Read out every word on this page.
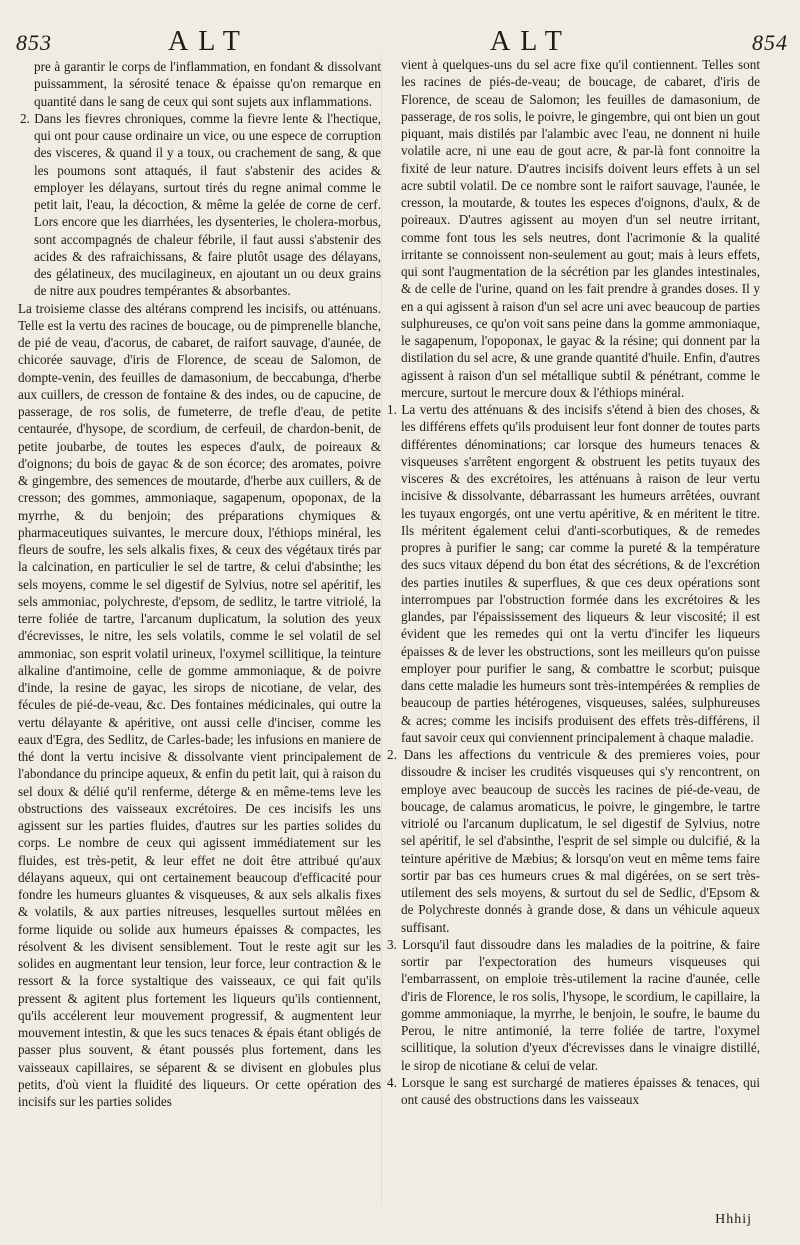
853	ALT	ALT	854

pre à garantir le corps de l'inflammation, en fondant & dissolvant puissamment, la sérosité tenace & épaisse qu'on remarque en quantité dans le sang de ceux qui sont sujets aux inflammations.

2. Dans les fievres chroniques, comme la fievre lente & l'hectique, qui ont pour cause ordinaire un vice, ou une espece de corruption des visceres, & quand il y a toux, ou crachement de sang, & que les poumons sont attaqués, il faut s'abstenir des acides & employer les délayans, surtout tirés du regne animal comme le petit lait, l'eau, la décoction, & même la gelée de corne de cerf. Lors encore que les diarrhées, les dysenteries, le cholera-morbus, sont accompagnés de chaleur fébrile, il faut aussi s'abstenir des acides & des rafraichissans, & faire plutôt usage des délayans, des gélatineux, des mucilagineux, en ajoutant un ou deux grains de nitre aux poudres tempérantes & absorbantes.

La troisieme classe des altérans comprend les incisifs, ou atténuans. Telle est la vertu des racines de boucage, ou de pimprenelle blanche, de pié de veau, d'acorus, de cabaret, de raifort sauvage, d'aunée, de chicorée sauvage, d'iris de Florence, de sceau de Salomon, de dompte-venin, des feuilles de damasonium, de beccabunga, d'herbe aux cuillers, de cresson de fontaine & des indes, ou de capucine, de passerage, de ros solis, de fumeterre, de trefle d'eau, de petite centaurée, d'hysope, de scordium, de cerfeuil, de chardon-benit, de petite joubarbe, de toutes les especes d'aulx, de poireaux & d'oignons; du bois de gayac & de son écorce; des aromates, poivre & gingembre, des semences de moutarde, d'herbe aux cuillers, & de cresson; des gommes, ammoniaque, sagapenum, opoponax, de la myrrhe, & du benjoin; des préparations chymiques & pharmaceutiques suivantes, le mercure doux, l'éthiops minéral, les fleurs de soufre, les sels alkalis fixes, & ceux des végétaux tirés par la calcination, en particulier le sel de tartre, & celui d'absinthe; les sels moyens, comme le sel digestif de Sylvius, notre sel apéritif, les sels ammoniac, polychreste, d'epsom, de sedlitz, le tartre vitriolé, la terre foliée de tartre, l'arcanum duplicatum, la solution des yeux d'écrevisses, le nitre, les sels volatils, comme le sel volatil de sel ammoniac, son esprit volatil urineux, l'oxymel scillitique, la teinture alkaline d'antimoine, celle de gomme ammoniaque, & de poivre d'inde, la resine de gayac, les sirops de nicotiane, de velar, des fécules de pié-de-veau, &c. Des fontaines médicinales, qui outre la vertu délayante & apéritive, ont aussi celle d'inciser, comme les eaux d'Egra, des Sedlitz, de Carles-bade; les infusions en maniere de thé dont la vertu incisive & dissolvante vient principalement de l'abondance du principe aqueux, & enfin du petit lait, qui à raison du sel doux & délié qu'il renferme, déterge & en même-tems leve les obstructions des vaisseaux excrétoires. De ces incisifs les uns agissent sur les parties fluides, d'autres sur les parties solides du corps. Le nombre de ceux qui agissent immédiatement sur les fluides, est très-petit, & leur effet ne doit être attribué qu'aux délayans aqueux, qui ont certainement beaucoup d'efficacité pour fondre les humeurs gluantes & visqueuses, & aux sels alkalis fixes & volatils, & aux parties nitreuses, lesquelles surtout mêlées en forme liquide ou solide aux humeurs épaisses & compactes, les résolvent & les divisent sensiblement. Tout le reste agit sur les solides en augmentant leur tension, leur force, leur contraction & le ressort & la force systaltique des vaisseaux, ce qui fait qu'ils pressent & agitent plus fortement les liqueurs qu'ils contiennent, qu'ils accélerent leur mouvement progressif, & augmentent leur mouvement intestin, & que les sucs tenaces & épais étant obligés de passer plus souvent, & étant poussés plus fortement, dans les vaisseaux capillaires, se séparent & se divisent en globules plus petits, d'où vient la fluidité des liqueurs. Or cette opération des incisifs sur les parties solides

vient à quelques-uns du sel acre fixe qu'il contiennent. Telles sont les racines de piés-de-veau; de boucage, de cabaret, d'iris de Florence, de sceau de Salomon; les feuilles de damasonium, de passerage, de ros solis, le poivre, le gingembre, qui ont bien un gout piquant, mais distilés par l'alambic avec l'eau, ne donnent ni huile volatile acre, ni une eau de gout acre, & par-là font connoitre la fixité de leur nature. D'autres incisifs doivent leurs effets à un sel acre subtil volatil. De ce nombre sont le raifort sauvage, l'aunée, le cresson, la moutarde, & toutes les especes d'oignons, d'aulx, & de poireaux. D'autres agissent au moyen d'un sel neutre irritant, comme font tous les sels neutres, dont l'acrimonie & la qualité irritante se connoissent non-seulement au gout; mais à leurs effets, qui sont l'augmentation de la sécrétion par les glandes intestinales, & de celle de l'urine, quand on les fait prendre à grandes doses. Il y en a qui agissent à raison d'un sel acre uni avec beaucoup de parties sulphureuses, ce qu'on voit sans peine dans la gomme ammoniaque, le sagapenum, l'opoponax, le gayac & la résine; qui donnent par la distilation du sel acre, & une grande quantité d'huile. Enfin, d'autres agissent à raison d'un sel métallique subtil & pénétrant, comme le mercure, surtout le mercure doux & l'éthiops minéral.

1. La vertu des atténuans & des incisifs s'étend à bien des choses, & les différens effets qu'ils produisent leur font donner de toutes parts différentes dénominations; car lorsque des humeurs tenaces & visqueuses s'arrêtent engorgent & obstruent les petits tuyaux des visceres & des excrétoires, les atténuans à raison de leur vertu incisive & dissolvante, débarrassant les humeurs arrêtées, ouvrant les tuyaux engorgés, ont une vertu apéritive, & en méritent le titre. Ils méritent également celui d'anti-scorbutiques, & de remedes propres à purifier le sang; car comme la pureté & la température des sucs vitaux dépend du bon état des sécrétions, & de l'excrétion des parties inutiles & superflues, & que ces deux opérations sont interrompues par l'obstruction formée dans les excrétoires & les glandes, par l'épaississement des liqueurs & leur viscosité; il est évident que les remedes qui ont la vertu d'incifer les liqueurs épaisses & de lever les obstructions, sont les meilleurs qu'on puisse employer pour purifier le sang, & combattre le scorbut; puisque dans cette maladie les humeurs sont très-intempérées & remplies de beaucoup de parties hétérogenes, visqueuses, salées, sulphureuses & acres; comme les incisifs produisent des effets très-différens, il faut savoir ceux qui conviennent principalement à chaque maladie.

2. Dans les affections du ventricule & des premieres voies, pour dissoudre & inciser les crudités visqueuses qui s'y rencontrent, on employe avec beaucoup de succès les racines de pié-de-veau, de boucage, de calamus aromaticus, le poivre, le gingembre, le tartre vitriolé ou l'arcanum duplicatum, le sel digestif de Sylvius, notre sel apéritif, le sel d'absinthe, l'esprit de sel simple ou dulcifié, & la teinture apéritive de Mæbius; & lorsqu'on veut en même tems faire sortir par bas ces humeurs crues & mal digérées, on se sert très-utilement des sels moyens, & surtout du sel de Sedlic, d'Epsom & de Polychreste donnés à grande dose, & dans un véhicule aqueux suffisant.

3. Lorsqu'il faut dissoudre dans les maladies de la poitrine, & faire sortir par l'expectoration des humeurs visqueuses qui l'embarrassent, on emploie très-utilement la racine d'aunée, celle d'iris de Florence, le ros solis, l'hysope, le scordium, le capillaire, la gomme ammoniaque, la myrrhe, le benjoin, le soufre, le baume du Perou, le nitre antimonié, la terre foliée de tartre, l'oxymel scillitique, la solution d'yeux d'écrevisses dans le vinaigre distillé, le sirop de nicotiane & celui de velar.

4. Lorsque le sang est surchargé de matieres épaisses & tenaces, qui ont causé des obstructions dans les vaisseaux

Hhhij
